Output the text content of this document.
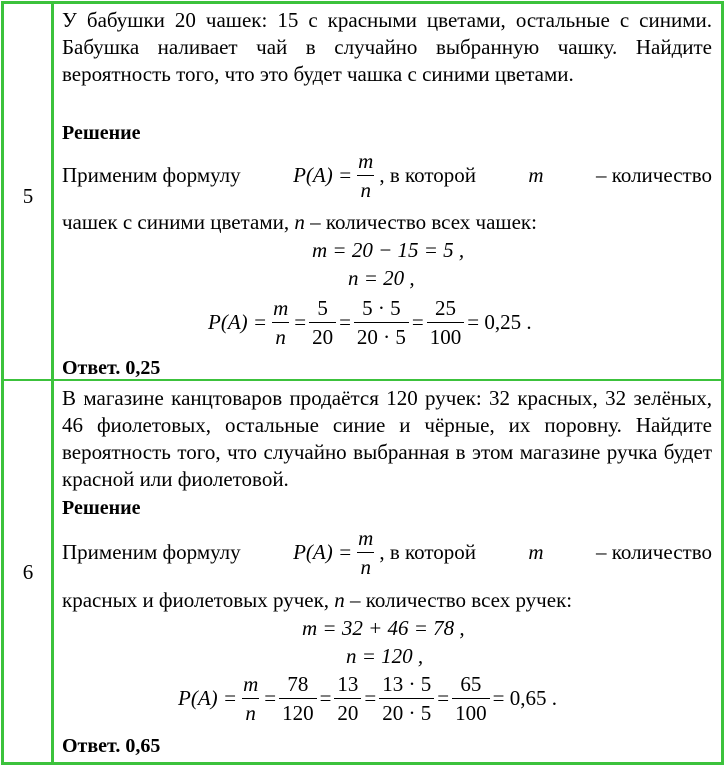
5
У бабушки 20 чашек: 15 с красными цветами, остальные с синими. Бабушка наливает чай в случайно выбранную чашку. Найдите вероятность того, что это будет чашка с синими цветами.
Решение
Применим формулу $P(A) = \frac{m}{n}$ , в которой m – количество
чашек с синими цветами, n – количество всех чашек:
m = 20 − 15 = 5 ,
n = 20 ,
$P(A) = \frac{m}{n} = \frac{5}{20} = \frac{5 \cdot 5}{20 \cdot 5} = \frac{25}{100} = 0,25$ .
Ответ. 0,25
6
В магазине канцтоваров продаётся 120 ручек: 32 красных, 32 зелёных, 46 фиолетовых, остальные синие и чёрные, их поровну. Найдите вероятность того, что случайно выбранная в этом магазине ручка будет красной или фиолетовой.
Решение
Применим формулу $P(A) = \frac{m}{n}$ , в которой m – количество
красных и фиолетовых ручек, n – количество всех ручек:
m = 32 + 46 = 78 ,
n = 120 ,
$P(A) = \frac{m}{n} = \frac{78}{120} = \frac{13}{20} = \frac{13 \cdot 5}{20 \cdot 5} = \frac{65}{100} = 0,65$ .
Ответ. 0,65
